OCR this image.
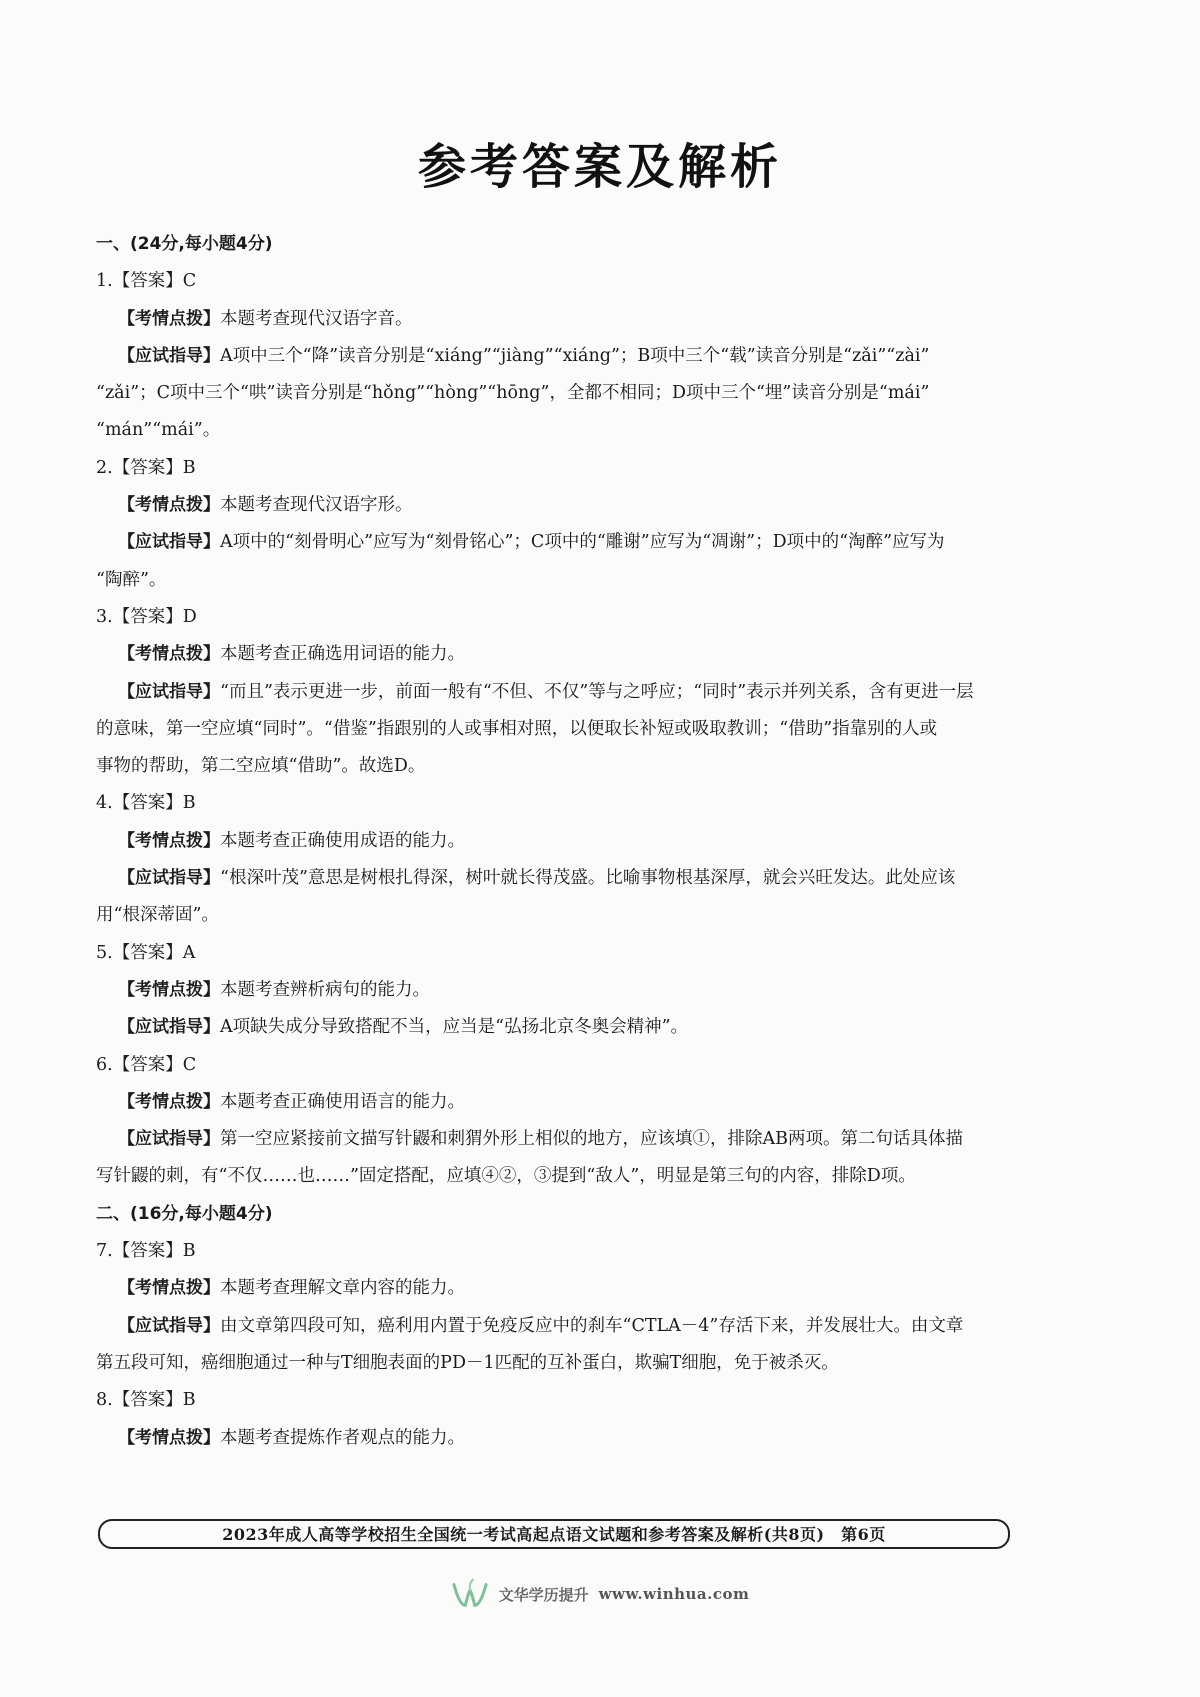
参考答案及解析
一、(24分,每小题4分)
1.【答案】C
【考情点拨】本题考查现代汉语字音。
【应试指导】A项中三个“降”读音分别是“xiáng”“jiàng”“xiáng”；B项中三个“载”读音分别是“zǎi”“zài”
“zǎi”；C项中三个“哄”读音分别是“hǒng”“hòng”“hōng”，全都不相同；D项中三个“埋”读音分别是“mái”
“mán”“mái”。
2.【答案】B
【考情点拨】本题考查现代汉语字形。
【应试指导】A项中的“刻骨明心”应写为“刻骨铭心”；C项中的“雕谢”应写为“凋谢”；D项中的“淘醉”应写为
“陶醉”。
3.【答案】D
【考情点拨】本题考查正确选用词语的能力。
【应试指导】“而且”表示更进一步，前面一般有“不但、不仅”等与之呼应；“同时”表示并列关系，含有更进一层
的意味，第一空应填“同时”。“借鉴”指跟别的人或事相对照，以便取长补短或吸取教训；“借助”指靠别的人或
事物的帮助，第二空应填“借助”。故选D。
4.【答案】B
【考情点拨】本题考查正确使用成语的能力。
【应试指导】“根深叶茂”意思是树根扎得深，树叶就长得茂盛。比喻事物根基深厚，就会兴旺发达。此处应该
用“根深蒂固”。
5.【答案】A
【考情点拨】本题考查辨析病句的能力。
【应试指导】A项缺失成分导致搭配不当，应当是“弘扬北京冬奥会精神”。
6.【答案】C
【考情点拨】本题考查正确使用语言的能力。
【应试指导】第一空应紧接前文描写针鼹和刺猬外形上相似的地方，应该填①，排除AB两项。第二句话具体描
写针鼹的刺，有“不仅……也……”固定搭配，应填④②，③提到“敌人”，明显是第三句的内容，排除D项。
二、(16分,每小题4分)
7.【答案】B
【考情点拨】本题考查理解文章内容的能力。
【应试指导】由文章第四段可知，癌利用内置于免疫反应中的刹车“CTLA－4”存活下来，并发展壮大。由文章
第五段可知，癌细胞通过一种与T细胞表面的PD－1匹配的互补蛋白，欺骗T细胞，免于被杀灭。
8.【答案】B
【考情点拨】本题考查提炼作者观点的能力。
2023年成人高等学校招生全国统一考试高起点语文试题和参考答案及解析(共8页)　第6页
文华学历提升 www.winhua.com
